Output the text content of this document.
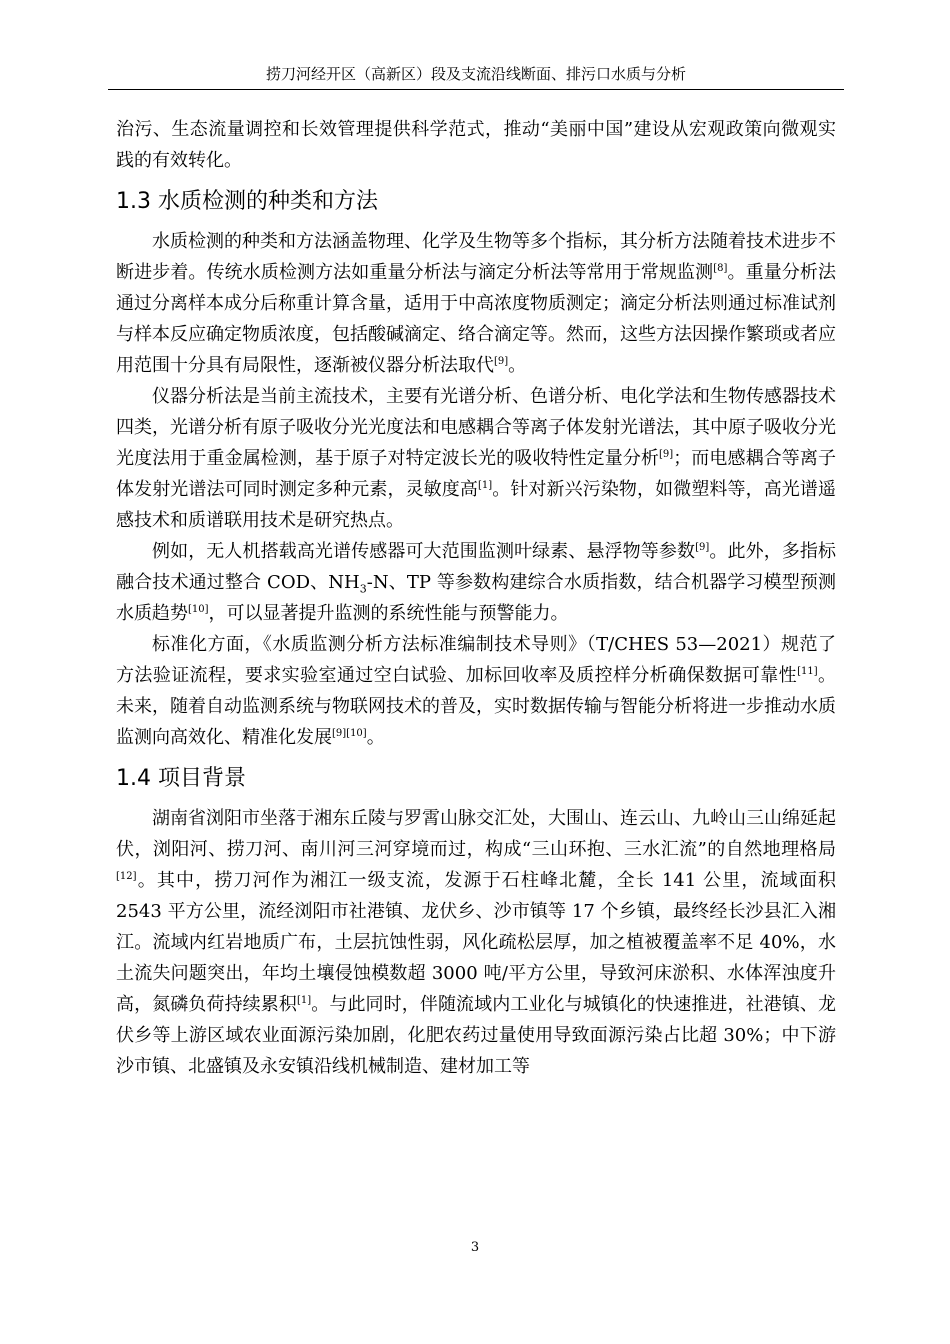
捞刀河经开区（高新区）段及支流沿线断面、排污口水质与分析

治污、生态流量调控和长效管理提供科学范式，推动“美丽中国”建设从宏观政策向微观实践的有效转化。

1.3 水质检测的种类和方法

水质检测的种类和方法涵盖物理、化学及生物等多个指标，其分析方法随着技术进步不断进步着。传统水质检测方法如重量分析法与滴定分析法等常用于常规监测[8]。重量分析法通过分离样本成分后称重计算含量，适用于中高浓度物质测定；滴定分析法则通过标准试剂与样本反应确定物质浓度，包括酸碱滴定、络合滴定等。然而，这些方法因操作繁琐或者应用范围十分具有局限性，逐渐被仪器分析法取代[9]。

仪器分析法是当前主流技术，主要有光谱分析、色谱分析、电化学法和生物传感器技术四类，光谱分析有原子吸收分光光度法和电感耦合等离子体发射光谱法，其中原子吸收分光光度法用于重金属检测，基于原子对特定波长光的吸收特性定量分析[9]；而电感耦合等离子体发射光谱法可同时测定多种元素，灵敏度高[1]。针对新兴污染物，如微塑料等，高光谱遥感技术和质谱联用技术是研究热点。

例如，无人机搭载高光谱传感器可大范围监测叶绿素、悬浮物等参数[9]。此外，多指标融合技术通过整合 COD、$NH_3-N$、TP 等参数构建综合水质指数，结合机器学习模型预测水质趋势[10]，可以显著提升监测的系统性能与预警能力。

标准化方面，《水质监测分析方法标准编制技术导则》（T/CHES 53—2021）规范了方法验证流程，要求实验室通过空白试验、加标回收率及质控样分析确保数据可靠性[11]。未来，随着自动监测系统与物联网技术的普及，实时数据传输与智能分析将进一步推动水质监测向高效化、精准化发展[9][10]。

1.4 项目背景

湖南省浏阳市坐落于湘东丘陵与罗霄山脉交汇处，大围山、连云山、九岭山三山绵延起伏，浏阳河、捞刀河、南川河三河穿境而过，构成“三山环抱、三水汇流”的自然地理格局[12]。其中，捞刀河作为湘江一级支流，发源于石柱峰北麓，全长 141 公里，流域面积 2543 平方公里，流经浏阳市社港镇、龙伏乡、沙市镇等 17 个乡镇，最终经长沙县汇入湘江。流域内红岩地质广布，土层抗蚀性弱，风化疏松层厚，加之植被覆盖率不足 40%，水土流失问题突出，年均土壤侵蚀模数超 3000 吨/平方公里，导致河床淤积、水体浑浊度升高，氮磷负荷持续累积[1]。与此同时，伴随流域内工业化与城镇化的快速推进，社港镇、龙伏乡等上游区域农业面源污染加剧，化肥农药过量使用导致面源污染占比超 30%；中下游沙市镇、北盛镇及永安镇沿线机械制造、建材加工等

3
